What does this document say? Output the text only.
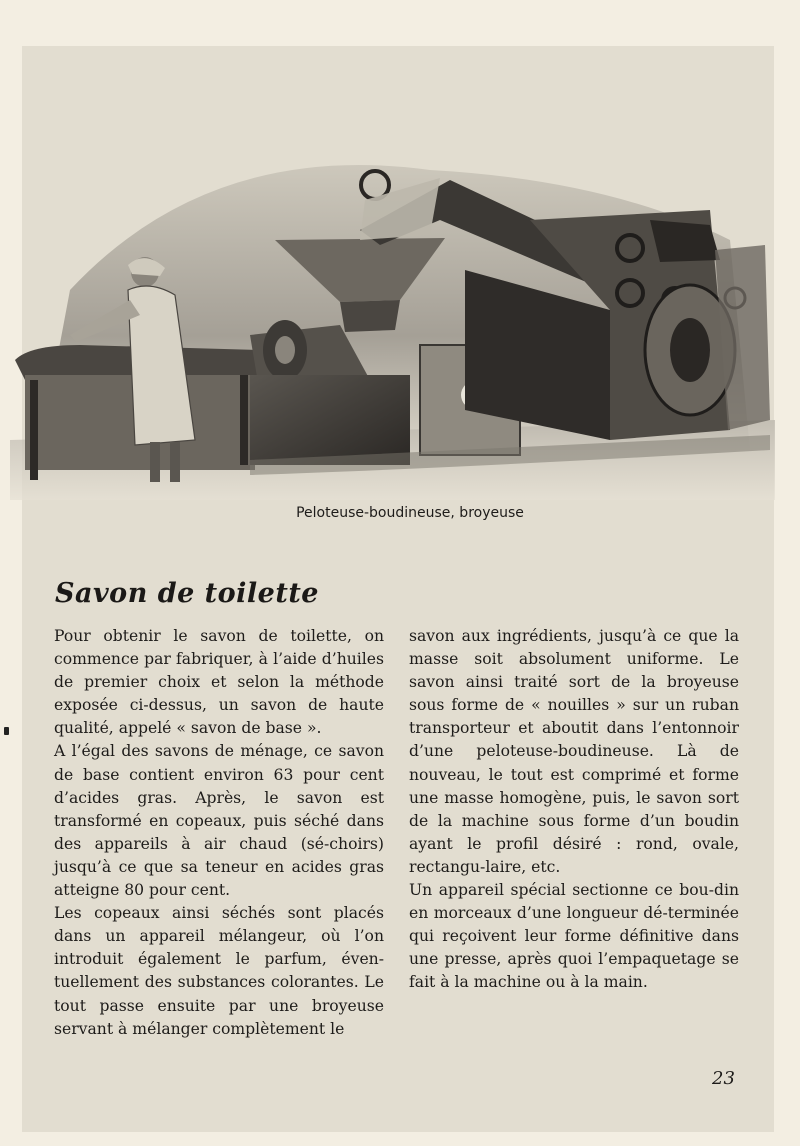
Peloteuse-boudineuse, broyeuse
Savon de toilette

Pour obtenir le savon de toilette, on commence par fabriquer, à l’aide d’huiles de premier choix et selon la méthode exposée ci-dessus, un savon de haute qualité, appelé « savon de base ».

A l’égal des savons de ménage, ce savon de base contient environ 63 pour cent d’acides gras. Après, le savon est transformé en copeaux, puis séché dans des appareils à air chaud (sé-choirs) jusqu’à ce que sa teneur en acides gras atteigne 80 pour cent.

Les copeaux ainsi séchés sont placés dans un appareil mélangeur, où l’on introduit également le parfum, éven-tuellement des substances colorantes. Le tout passe ensuite par une broyeuse servant à mélanger complètement le

savon aux ingrédients, jusqu’à ce que la masse soit absolument uniforme. Le savon ainsi traité sort de la broyeuse sous forme de « nouilles » sur un ruban transporteur et aboutit dans l’entonnoir d’une peloteuse-boudineuse. Là de nouveau, le tout est comprimé et forme une masse homogène, puis, le savon sort de la machine sous forme d’un boudin ayant le profil désiré : rond, ovale, rectangu-laire, etc.

Un appareil spécial sectionne ce bou-din en morceaux d’une longueur dé-terminée qui reçoivent leur forme définitive dans une presse, après quoi l’empaquetage se fait à la machine ou à la main.

23
